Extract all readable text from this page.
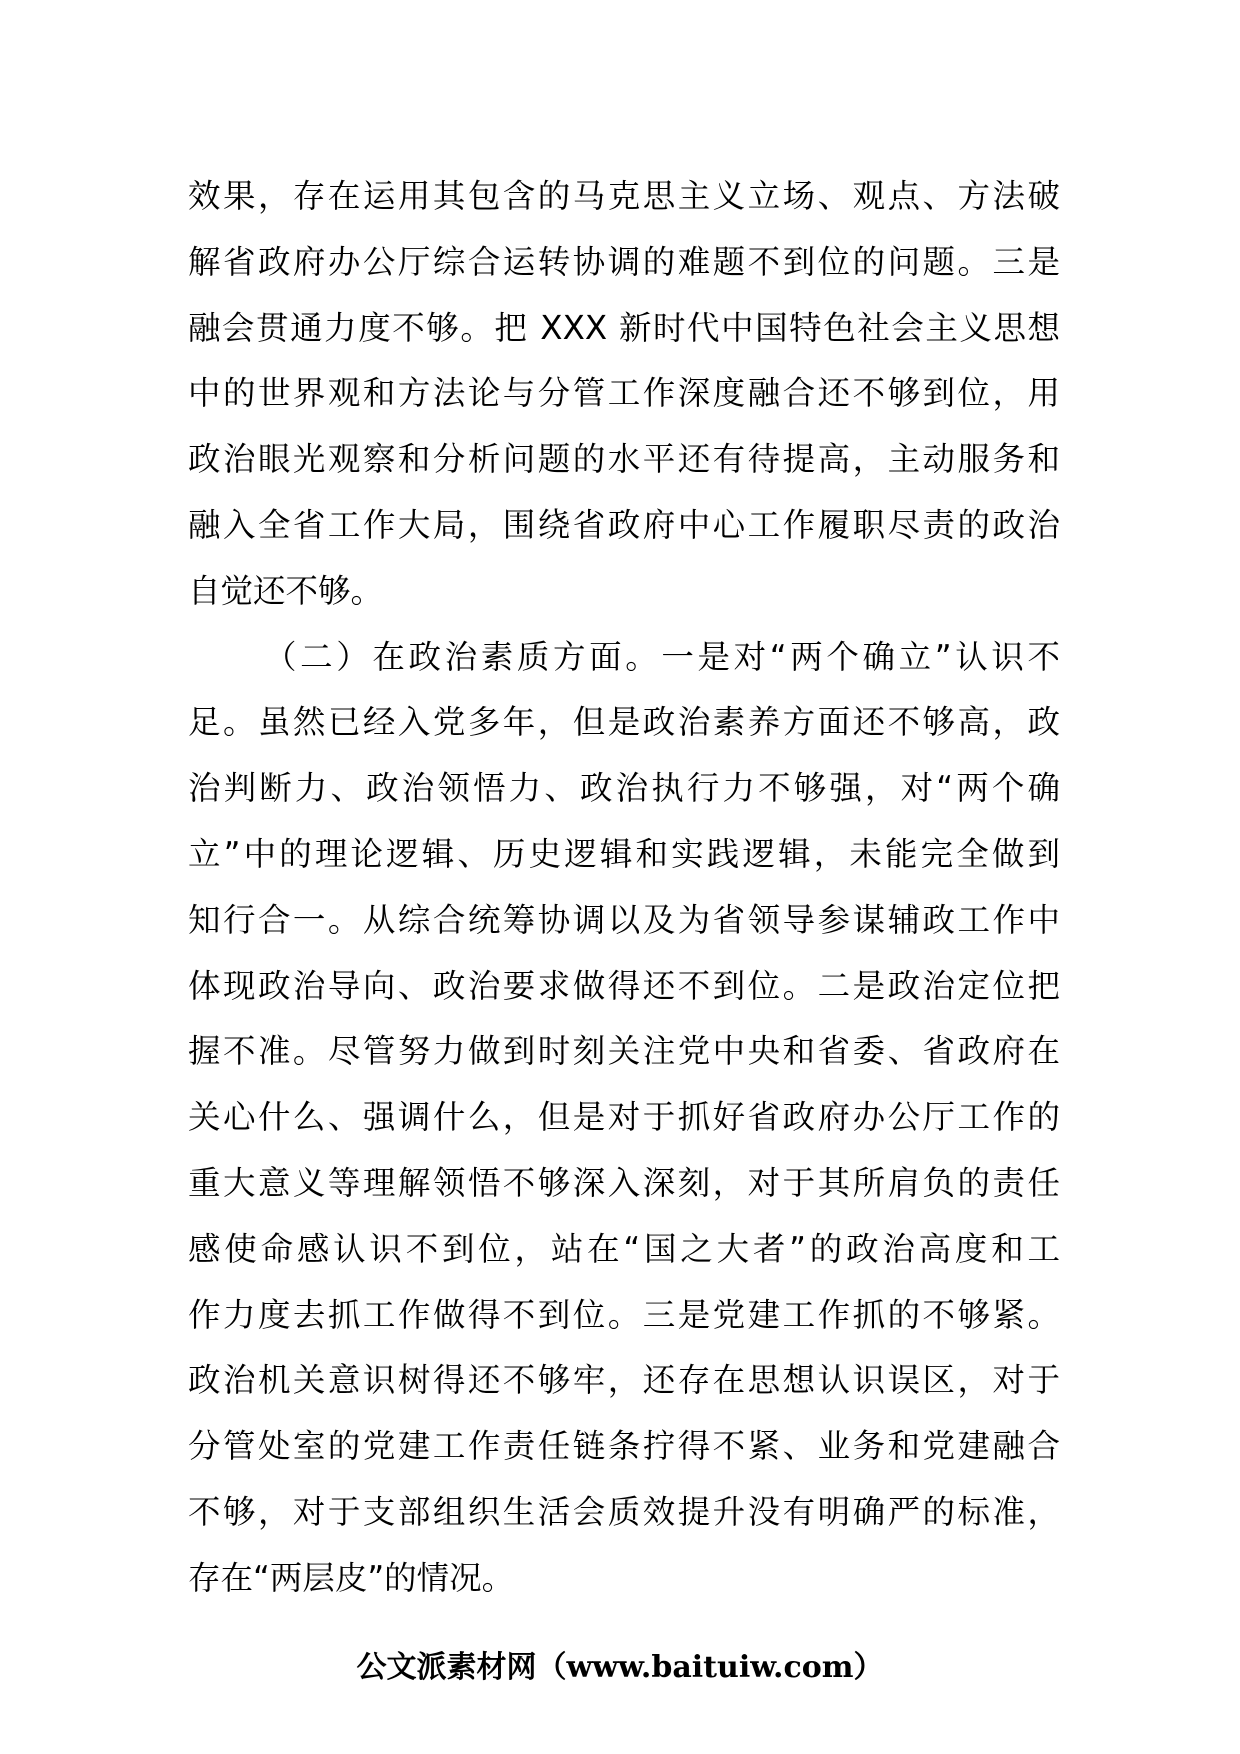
效果，存在运用其包含的马克思主义立场、观点、方法破
解省政府办公厅综合运转协调的难题不到位的问题。三是
融会贯通力度不够。把 XXX 新时代中国特色社会主义思想
中的世界观和方法论与分管工作深度融合还不够到位，用
政治眼光观察和分析问题的水平还有待提高，主动服务和
融入全省工作大局，围绕省政府中心工作履职尽责的政治
自觉还不够。
（二）在政治素质方面。一是对“两个确立”认识不
足。虽然已经入党多年，但是政治素养方面还不够高，政
治判断力、政治领悟力、政治执行力不够强，对“两个确
立”中的理论逻辑、历史逻辑和实践逻辑，未能完全做到
知行合一。从综合统筹协调以及为省领导参谋辅政工作中
体现政治导向、政治要求做得还不到位。二是政治定位把
握不准。尽管努力做到时刻关注党中央和省委、省政府在
关心什么、强调什么，但是对于抓好省政府办公厅工作的
重大意义等理解领悟不够深入深刻，对于其所肩负的责任
感使命感认识不到位，站在“国之大者”的政治高度和工
作力度去抓工作做得不到位。三是党建工作抓的不够紧。
政治机关意识树得还不够牢，还存在思想认识误区，对于
分管处室的党建工作责任链条拧得不紧、业务和党建融合
不够，对于支部组织生活会质效提升没有明确严的标准，
存在“两层皮”的情况。
公文派素材网（www.baituiw.com）
